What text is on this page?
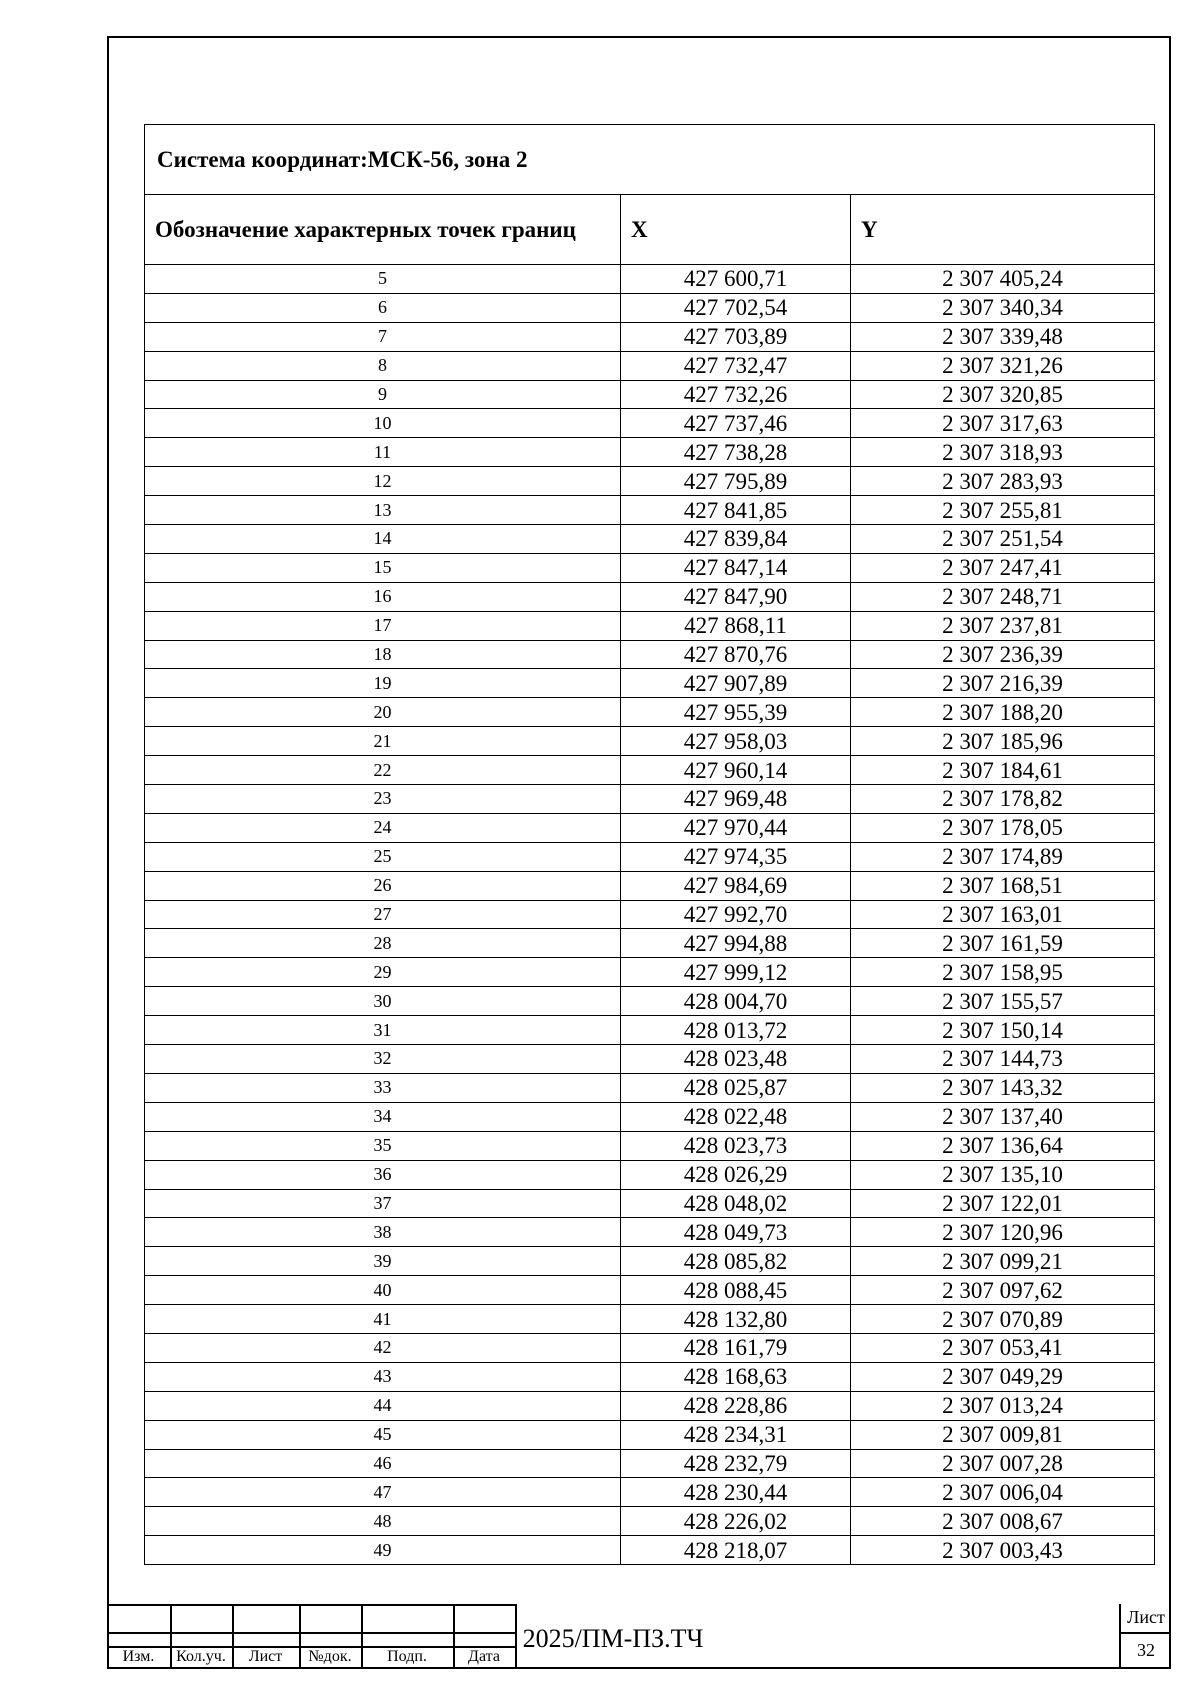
Система координат:МСК-56, зона 2		
Обозначение характерных точек границ	X	Y
5	427 600,71	2 307 405,24
6	427 702,54	2 307 340,34
7	427 703,89	2 307 339,48
8	427 732,47	2 307 321,26
9	427 732,26	2 307 320,85
10	427 737,46	2 307 317,63
11	427 738,28	2 307 318,93
12	427 795,89	2 307 283,93
13	427 841,85	2 307 255,81
14	427 839,84	2 307 251,54
15	427 847,14	2 307 247,41
16	427 847,90	2 307 248,71
17	427 868,11	2 307 237,81
18	427 870,76	2 307 236,39
19	427 907,89	2 307 216,39
20	427 955,39	2 307 188,20
21	427 958,03	2 307 185,96
22	427 960,14	2 307 184,61
23	427 969,48	2 307 178,82
24	427 970,44	2 307 178,05
25	427 974,35	2 307 174,89
26	427 984,69	2 307 168,51
27	427 992,70	2 307 163,01
28	427 994,88	2 307 161,59
29	427 999,12	2 307 158,95
30	428 004,70	2 307 155,57
31	428 013,72	2 307 150,14
32	428 023,48	2 307 144,73
33	428 025,87	2 307 143,32
34	428 022,48	2 307 137,40
35	428 023,73	2 307 136,64
36	428 026,29	2 307 135,10
37	428 048,02	2 307 122,01
38	428 049,73	2 307 120,96
39	428 085,82	2 307 099,21
40	428 088,45	2 307 097,62
41	428 132,80	2 307 070,89
42	428 161,79	2 307 053,41
43	428 168,63	2 307 049,29
44	428 228,86	2 307 013,24
45	428 234,31	2 307 009,81
46	428 232,79	2 307 007,28
47	428 230,44	2 307 006,04
48	428 226,02	2 307 008,67
49	428 218,07	2 307 003,43
Изм.	Кол.уч.	Лист	№док.	Подп.	Дата
2025/ПМ-ПЗ.ТЧ
Лист
32
